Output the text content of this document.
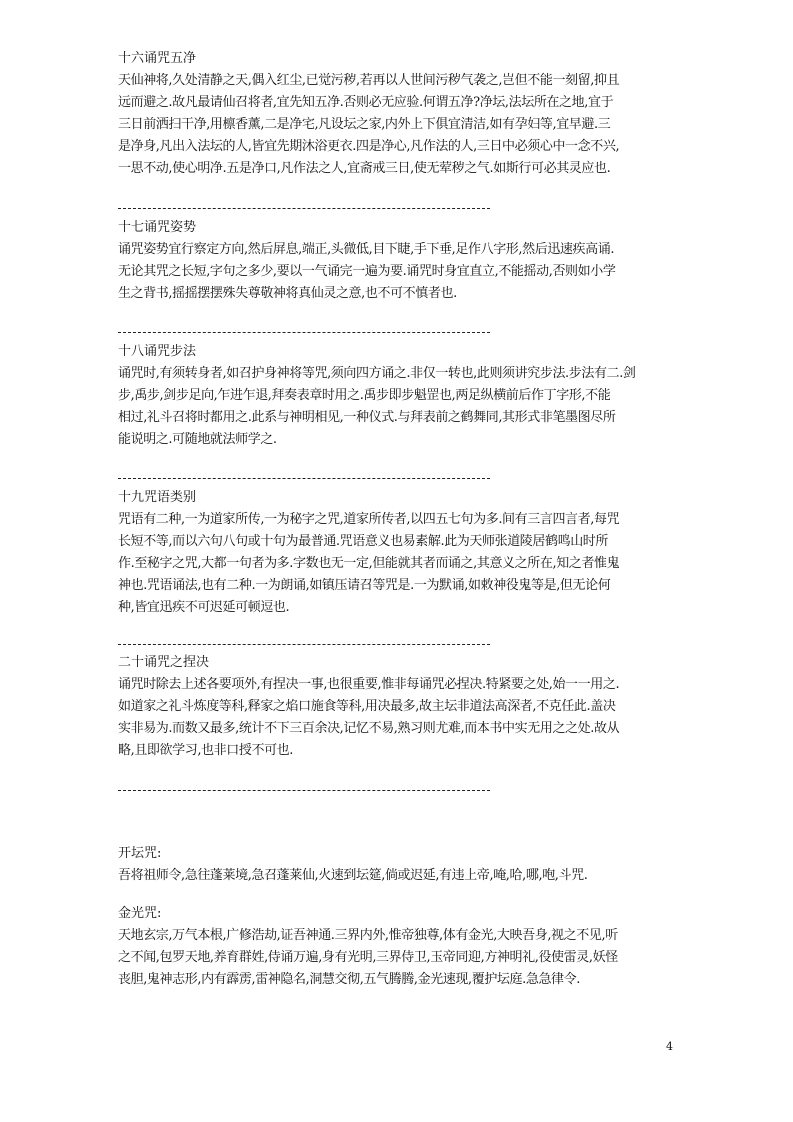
十六诵咒五净
天仙神将,久处清静之天,偶入红尘,已觉污秽,若再以人世间污秽气袭之,岂但不能一刻留,抑且
远而避之.故凡最请仙召将者,宜先知五净.否则必无应验.何谓五净?净坛,法坛所在之地,宜于
三日前洒扫干净,用檩香薰,二是净宅,凡设坛之家,内外上下俱宜清洁,如有孕妇等,宜早避.三
是净身,凡出入法坛的人,皆宜先期沐浴更衣.四是净心,凡作法的人,三日中必须心中一念不兴,
一思不动,使心明净.五是净口,凡作法之人,宜斋戒三日,使无荤秽之气.如斯行可必其灵应也.
十七诵咒姿势
诵咒姿势宜行察定方向,然后屏息,端正,头微低,目下睫,手下垂,足作八字形,然后迅速疾高诵.
无论其咒之长短,字句之多少,要以一气诵完一遍为要.诵咒时身宜直立,不能摇动,否则如小学
生之背书,摇摇摆摆殊失尊敬神将真仙灵之意,也不可不慎者也.
十八诵咒步法
诵咒时,有须转身者,如召护身神将等咒,须向四方诵之.非仅一转也,此则须讲究步法.步法有二.剑
步,禹步,剑步足向,乍进乍退,拜奏表章时用之.禹步即步魁罡也,两足纵横前后作丁字形,不能
相过,礼斗召将时都用之.此系与神明相见,一种仪式.与拜表前之鹤舞同,其形式非笔墨图尽所
能说明之.可随地就法师学之.
十九咒语类别
咒语有二种,一为道家所传,一为秘字之咒,道家所传者,以四五七句为多.间有三言四言者,每咒
长短不等,而以六句八句或十句为最普通.咒语意义也易素解.此为天师张道陵居鹤鸣山时所
作.至秘字之咒,大都一句者为多.字数也无一定,但能就其者而诵之,其意义之所在,知之者惟鬼
神也.咒语诵法,也有二种.一为朗诵,如镇压请召等咒是.一为默诵,如敕神役鬼等是,但无论何
种,皆宜迅疾不可迟延可顿逗也.
二十诵咒之捏决
诵咒时除去上述各要项外,有捏决一事,也很重要,惟非每诵咒必捏决.特紧要之处,始一一用之.
如道家之礼斗炼度等科,释家之焰口施食等科,用决最多,故主坛非道法高深者,不克任此.盖决
实非易为.而数又最多,统计不下三百余决,记忆不易,熟习则尤难,而本书中实无用之之处.故从
略,且即欲学习,也非口授不可也.
开坛咒:
吾将祖师令,急往蓬莱境,急召蓬莱仙,火速到坛筵,倘或迟延,有违上帝,唵,哈,哪,咆,斗咒.
金光咒:
天地玄宗,万气本根,广修浩劫,证吾神通.三界内外,惟帝独尊,体有金光,大映吾身,视之不见,听
之不闻,包罗天地,养育群姓,侍诵万遍,身有光明,三界侍卫,玉帝同迎,方神明礼,役使雷灵,妖怪
丧胆,鬼神志形,内有霹雳,雷神隐名,洞慧交彻,五气腾腾,金光速现,覆护坛庭.急急律令.
4
